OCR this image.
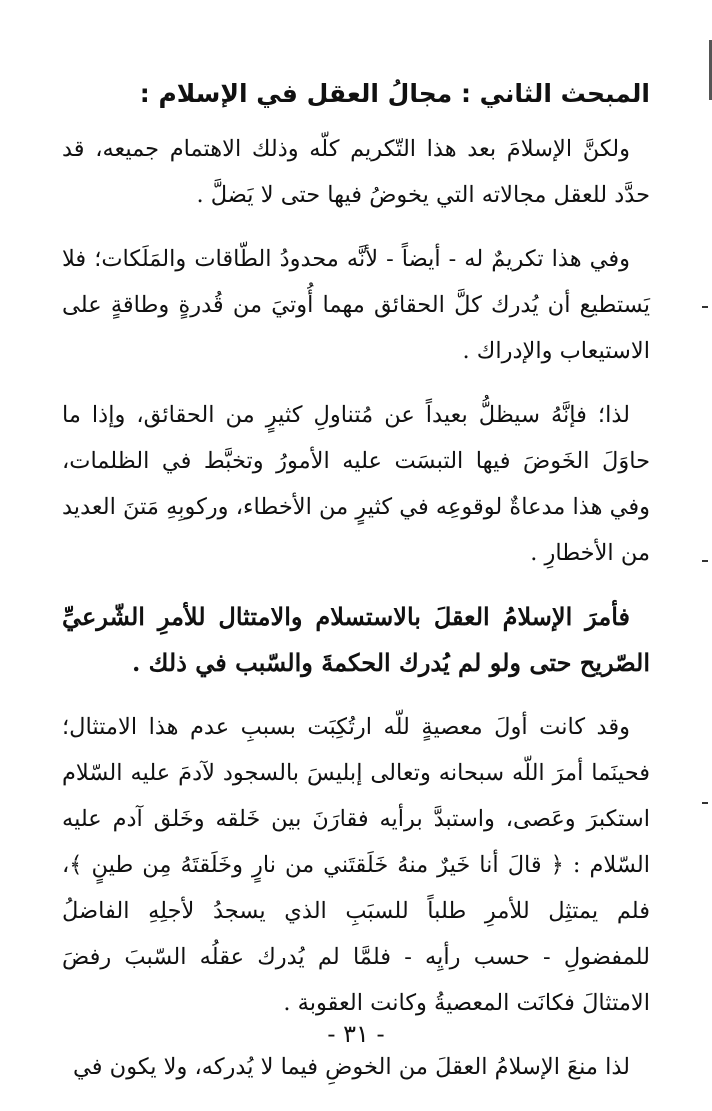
المبحث الثاني : مجالُ العقل في الإسلام :

ولكنَّ الإسلامَ بعد هذا التّكريم كلّه وذلك الاهتمام جميعه، قد حدَّد للعقل مجالاته التي يخوضُ فيها حتى لا يَضلَّ .

وفي هذا تكريمٌ له - أيضاً - لأنَّه محدودُ الطّاقات والمَلَكات؛ فلا يَستطيع أن يُدرك كلَّ الحقائق مهما أُوتيَ من قُدرةٍ وطاقةٍ على الاستيعاب والإدراك .

لذا؛ فإنَّهُ سيظلُّ بعيداً عن مُتناولِ كثيرٍ من الحقائق، وإذا ما حاوَلَ الخَوضَ فيها التبسَت عليه الأمورُ وتخبَّط في الظلمات، وفي هذا مدعاةٌ لوقوعِه في كثيرٍ من الأخطاء، وركوبِهِ مَتنَ العديد من الأخطارِ .

فأمرَ الإسلامُ العقلَ بالاستسلام والامتثال للأمرِ الشّرعيِّ الصّريح حتى ولو لم يُدرك الحكمةَ والسّبب في ذلك .

وقد كانت أولَ معصيةٍ للّه ارتُكِبَت بسببِ عدم هذا الامتثال؛ فحينَما أمرَ اللّه سبحانه وتعالى إبليسَ بالسجود لآدمَ عليه السّلام استكبرَ وعَصى، واستبدَّ برأيه فقارَنَ بين خَلقه وخَلق آدم عليه السّلام : ﴿ قالَ أنا خَيرٌ منهُ خَلَقتَني من نارٍ وخَلَقتَهُ مِن طينٍ ﴾، فلم يمتثِل للأمرِ طلباً للسبَبِ الذي يسجدُ لأجلِهِ الفاضلُ للمفضولِ - حسب رأيِه - فلمَّا لم يُدرك عقلُه السّببَ رفضَ الامتثالَ فكانَت المعصيةُ وكانت العقوبة .

لذا منعَ الإسلامُ العقلَ من الخوضِ فيما لا يُدركه، ولا يكون في

- ٣١ -
